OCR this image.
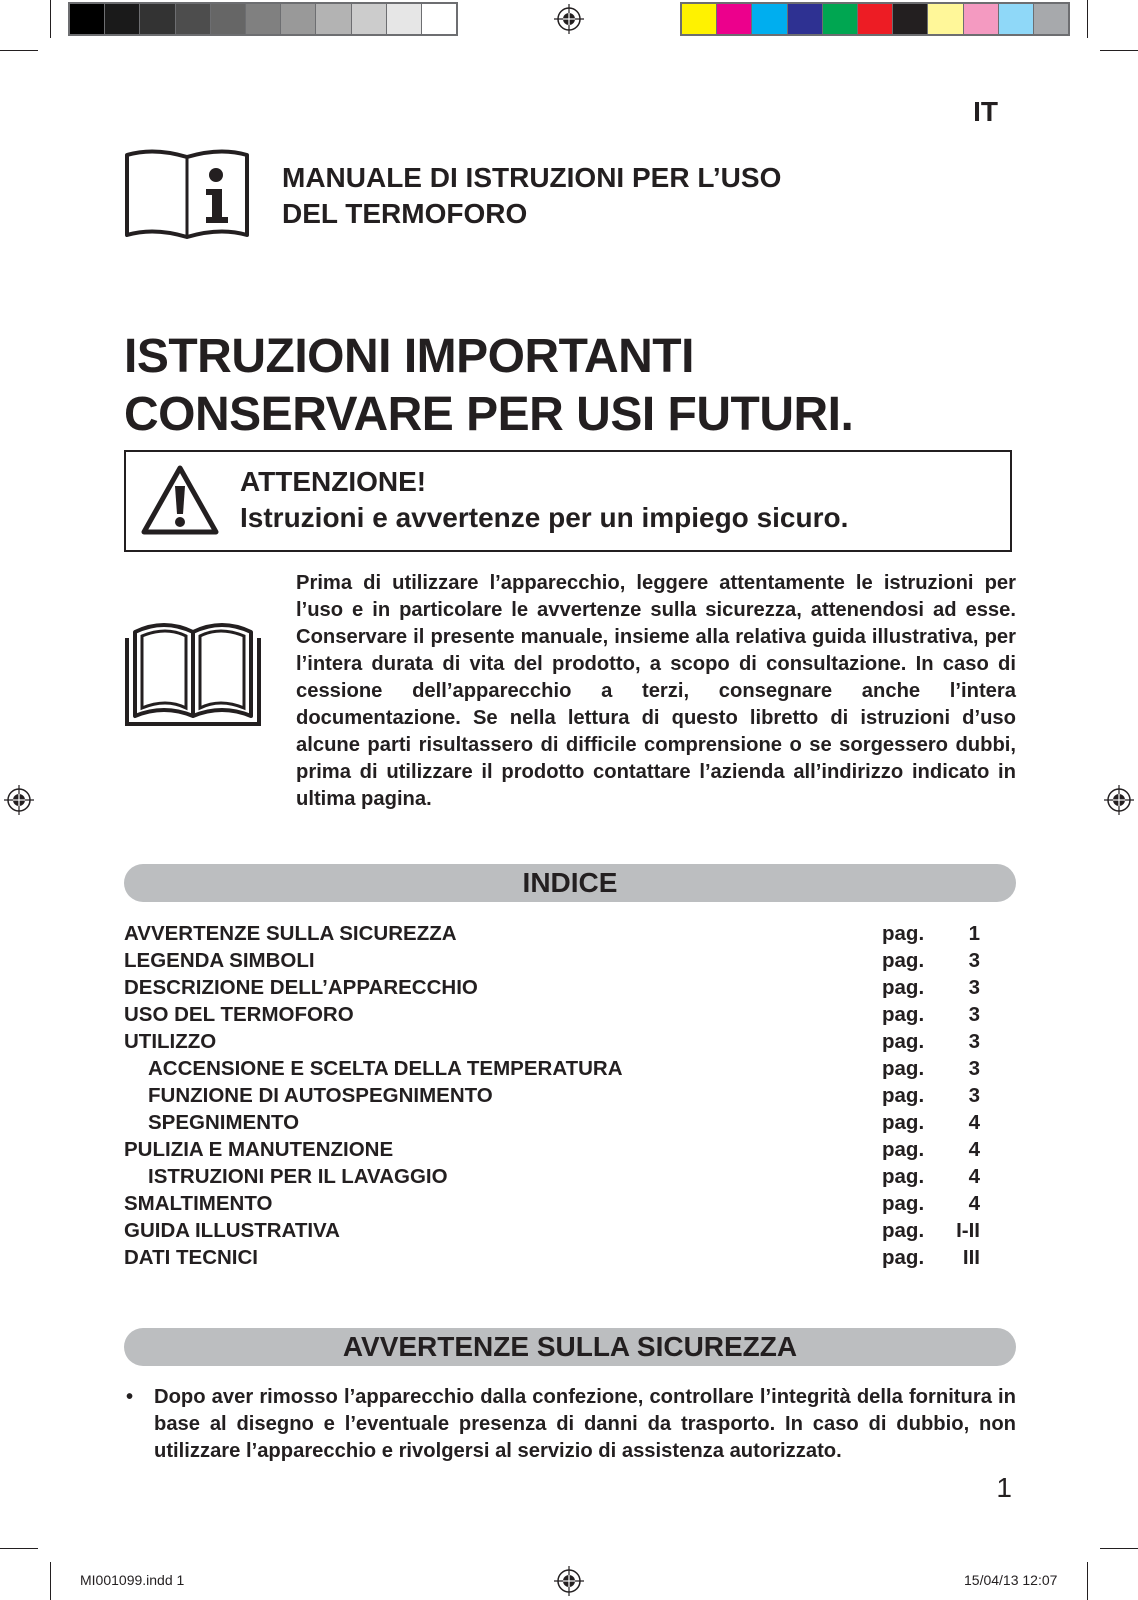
IT
MANUALE DI ISTRUZIONI PER L’USO
DEL TERMOFORO
ISTRUZIONI IMPORTANTI
CONSERVARE PER USI FUTURI.
ATTENZIONE!
Istruzioni e avvertenze per un impiego sicuro.

Prima di utilizzare l’apparecchio, leggere attentamente le istruzioni per l’uso e in particolare le avvertenze sulla sicurezza, attenendosi ad esse. Conservare il presente manuale, insieme alla relativa guida illustrativa, per l’intera durata di vita del prodotto, a scopo di consultazione. In caso di cessione dell’apparecchio a terzi, consegnare anche l’intera documentazione. Se nella lettura di questo libretto di istruzioni d’uso alcune parti risultassero di difficile comprensione o se sorgessero dubbi, prima di utilizzare il prodotto contattare l’azienda all’indirizzo indicato in ultima pagina.

INDICE
AVVERTENZE SULLA SICUREZZA	pag. 1
LEGENDA SIMBOLI	pag. 3
DESCRIZIONE DELL’APPARECCHIO	pag. 3
USO DEL TERMOFORO	pag. 3
UTILIZZO	pag. 3
ACCENSIONE E SCELTA DELLA TEMPERATURA	pag. 3
FUNZIONE DI AUTOSPEGNIMENTO	pag. 3
SPEGNIMENTO	pag. 4
PULIZIA E MANUTENZIONE	pag. 4
ISTRUZIONI PER IL LAVAGGIO	pag. 4
SMALTIMENTO	pag. 4
GUIDA ILLUSTRATIVA	pag. I-II
DATI TECNICI	pag. III
AVVERTENZE SULLA SICUREZZA
• Dopo aver rimosso l’apparecchio dalla confezione, controllare l’integrità della fornitura in base al disegno e l’eventuale presenza di danni da trasporto. In caso di dubbio, non utilizzare l’apparecchio e rivolgersi al servizio di assistenza autorizzato.
1
MI001099.indd 1	15/04/13 12:07
